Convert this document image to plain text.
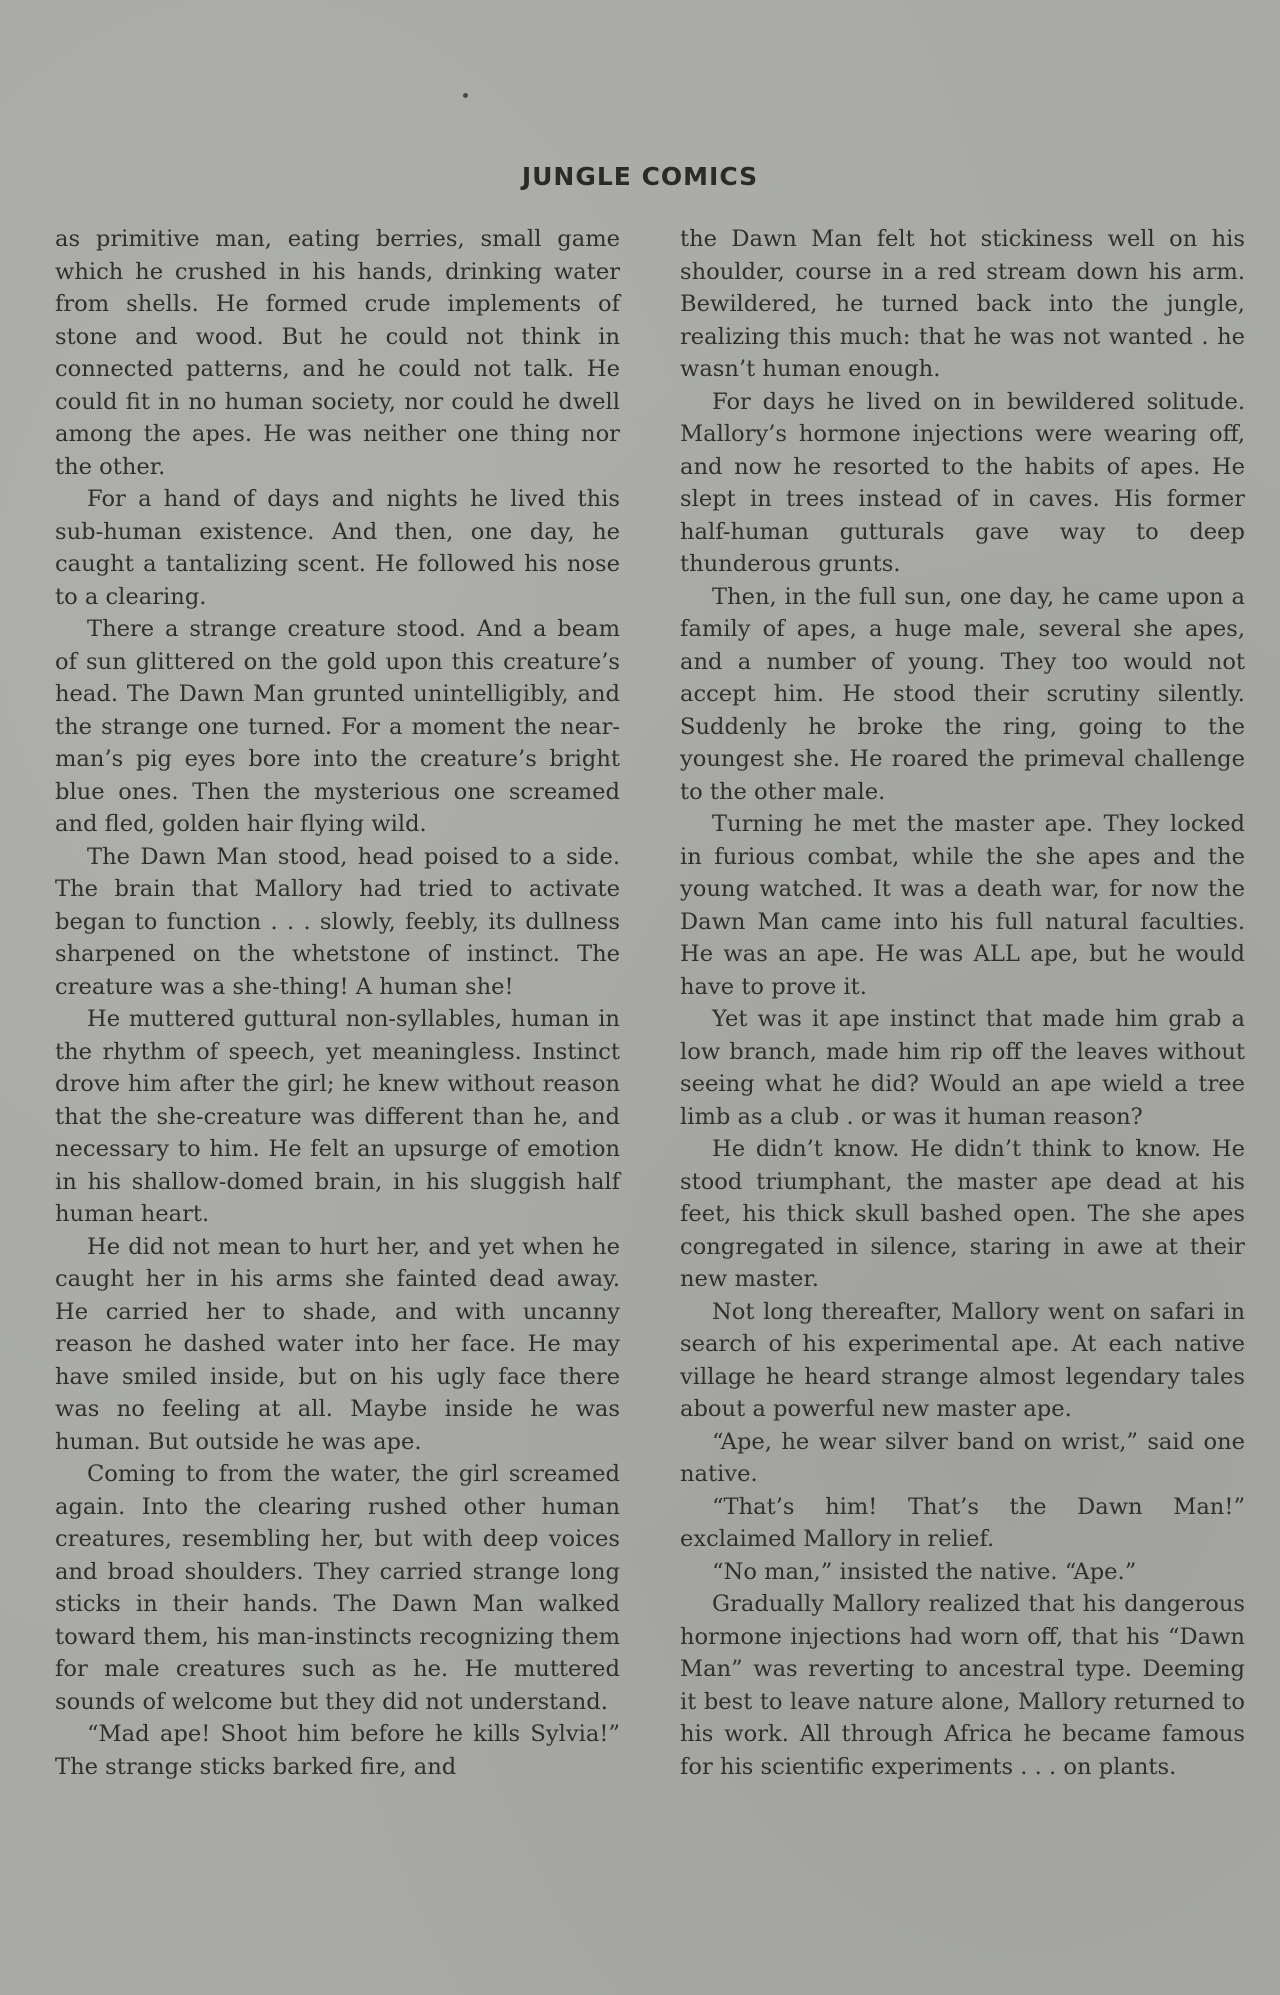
JUNGLE COMICS

as primitive man, eating berries, small game which he crushed in his hands, drinking water from shells. He formed crude implements of stone and wood. But he could not think in connected patterns, and he could not talk. He could fit in no human society, nor could he dwell among the apes. He was neither one thing nor the other.

For a hand of days and nights he lived this sub-human existence. And then, one day, he caught a tantalizing scent. He followed his nose to a clearing.

There a strange creature stood. And a beam of sun glittered on the gold upon this creature’s head. The Dawn Man grunted unintelligibly, and the strange one turned. For a moment the near-man’s pig eyes bore into the creature’s bright blue ones. Then the mysterious one screamed and fled, golden hair flying wild.

The Dawn Man stood, head poised to a side. The brain that Mallory had tried to activate began to function . . . slowly, feebly, its dullness sharpened on the whetstone of instinct. The creature was a she-thing! A human she!

He muttered guttural non-syllables, human in the rhythm of speech, yet meaningless. Instinct drove him after the girl; he knew without reason that the she-creature was different than he, and necessary to him. He felt an upsurge of emotion in his shallow-domed brain, in his sluggish half human heart.

He did not mean to hurt her, and yet when he caught her in his arms she fainted dead away. He carried her to shade, and with uncanny reason he dashed water into her face. He may have smiled inside, but on his ugly face there was no feeling at all. Maybe inside he was human. But outside he was ape.

Coming to from the water, the girl screamed again. Into the clearing rushed other human creatures, resembling her, but with deep voices and broad shoulders. They carried strange long sticks in their hands. The Dawn Man walked toward them, his man-instincts recognizing them for male creatures such as he. He muttered sounds of welcome but they did not understand.

“Mad ape! Shoot him before he kills Sylvia!” The strange sticks barked fire, and

the Dawn Man felt hot stickiness well on his shoulder, course in a red stream down his arm. Bewildered, he turned back into the jungle, realizing this much: that he was not wanted . he wasn’t human enough.

For days he lived on in bewildered solitude. Mallory’s hormone injections were wearing off, and now he resorted to the habits of apes. He slept in trees instead of in caves. His former half-human gutturals gave way to deep thunderous grunts.

Then, in the full sun, one day, he came upon a family of apes, a huge male, several she apes, and a number of young. They too would not accept him. He stood their scrutiny silently. Suddenly he broke the ring, going to the youngest she. He roared the primeval challenge to the other male.

Turning he met the master ape. They locked in furious combat, while the she apes and the young watched. It was a death war, for now the Dawn Man came into his full natural faculties. He was an ape. He was ALL ape, but he would have to prove it.

Yet was it ape instinct that made him grab a low branch, made him rip off the leaves without seeing what he did? Would an ape wield a tree limb as a club . or was it human reason?

He didn’t know. He didn’t think to know. He stood triumphant, the master ape dead at his feet, his thick skull bashed open. The she apes congregated in silence, staring in awe at their new master.

Not long thereafter, Mallory went on safari in search of his experimental ape. At each native village he heard strange almost legendary tales about a powerful new master ape.

“Ape, he wear silver band on wrist,” said one native.

“That’s him! That’s the Dawn Man!” exclaimed Mallory in relief.

“No man,” insisted the native. “Ape.”

Gradually Mallory realized that his dangerous hormone injections had worn off, that his “Dawn Man” was reverting to ancestral type. Deeming it best to leave nature alone, Mallory returned to his work. All through Africa he became famous for his scientific experiments . . . on plants.
